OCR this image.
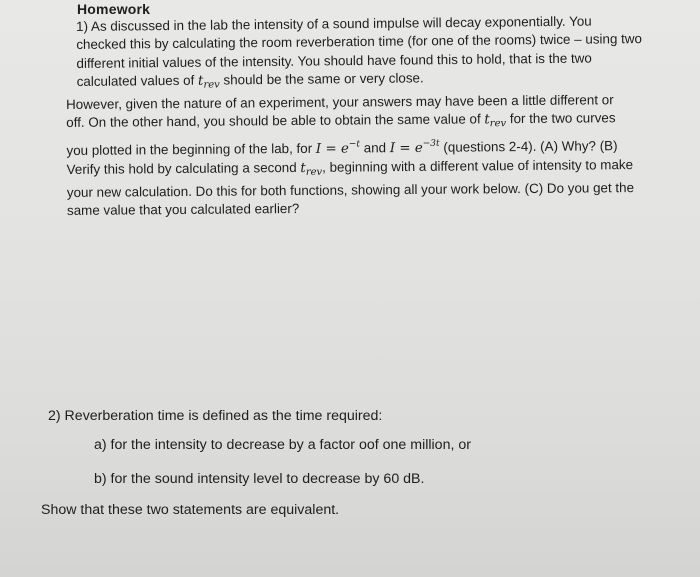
Homework
1) As discussed in the lab the intensity of a sound impulse will decay exponentially. You
checked this by calculating the room reverberation time (for one of the rooms) twice – using two
different initial values of the intensity. You should have found this to hold, that is the two
calculated values of $t_{rev}$ should be the same or very close.
However, given the nature of an experiment, your answers may have been a little different or
off. On the other hand, you should be able to obtain the same value of $t_{rev}$ for the two curves
you plotted in the beginning of the lab, for $I = e^{-t}$ and $I = e^{-3t}$ (questions 2-4). (A) Why? (B)
Verify this hold by calculating a second $t_{rev}$, beginning with a different value of intensity to make
your new calculation. Do this for both functions, showing all your work below. (C) Do you get the
same value that you calculated earlier?
2) Reverberation time is defined as the time required:
a) for the intensity to decrease by a factor oof one million, or
b) for the sound intensity level to decrease by 60 dB.
Show that these two statements are equivalent.
